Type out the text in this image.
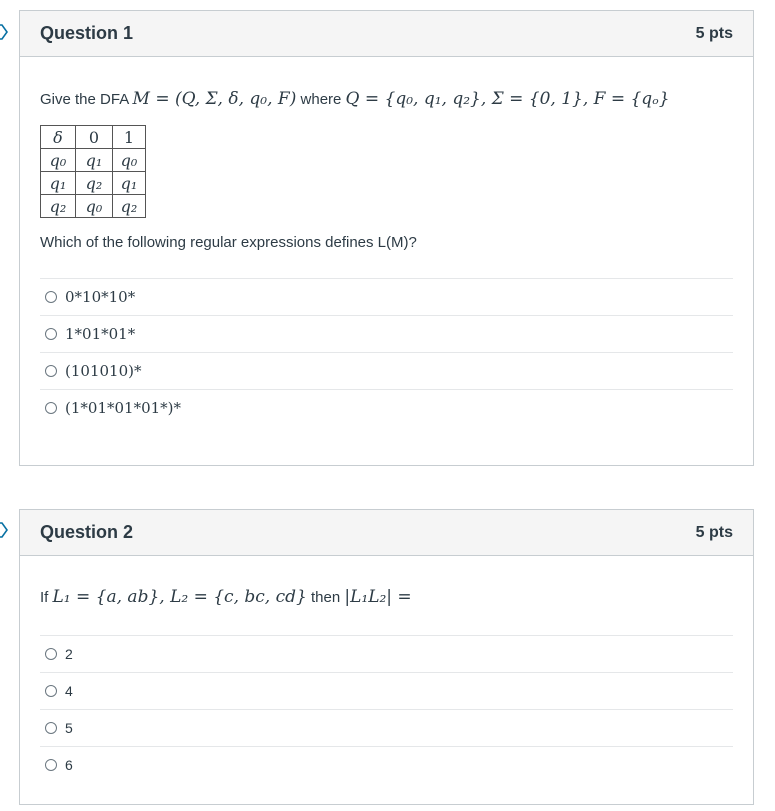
Question 1	5 pts
Give the DFA M = (Q, Σ, δ, q₀, F) where Q = {q₀, q₁, q₂}, Σ = {0, 1}, F = {qₒ}
δ	0	1
q₀	q₁	q₀
q₁	q₂	q₁
q₂	q₀	q₂
Which of the following regular expressions defines L(M)?
0*10*10*
1*01*01*
(101010)*
(1*01*01*01*)*
Question 2	5 pts
If L₁ = {a, ab}, L₂ = {c, bc, cd} then |L₁L₂| =
2
4
5
6
